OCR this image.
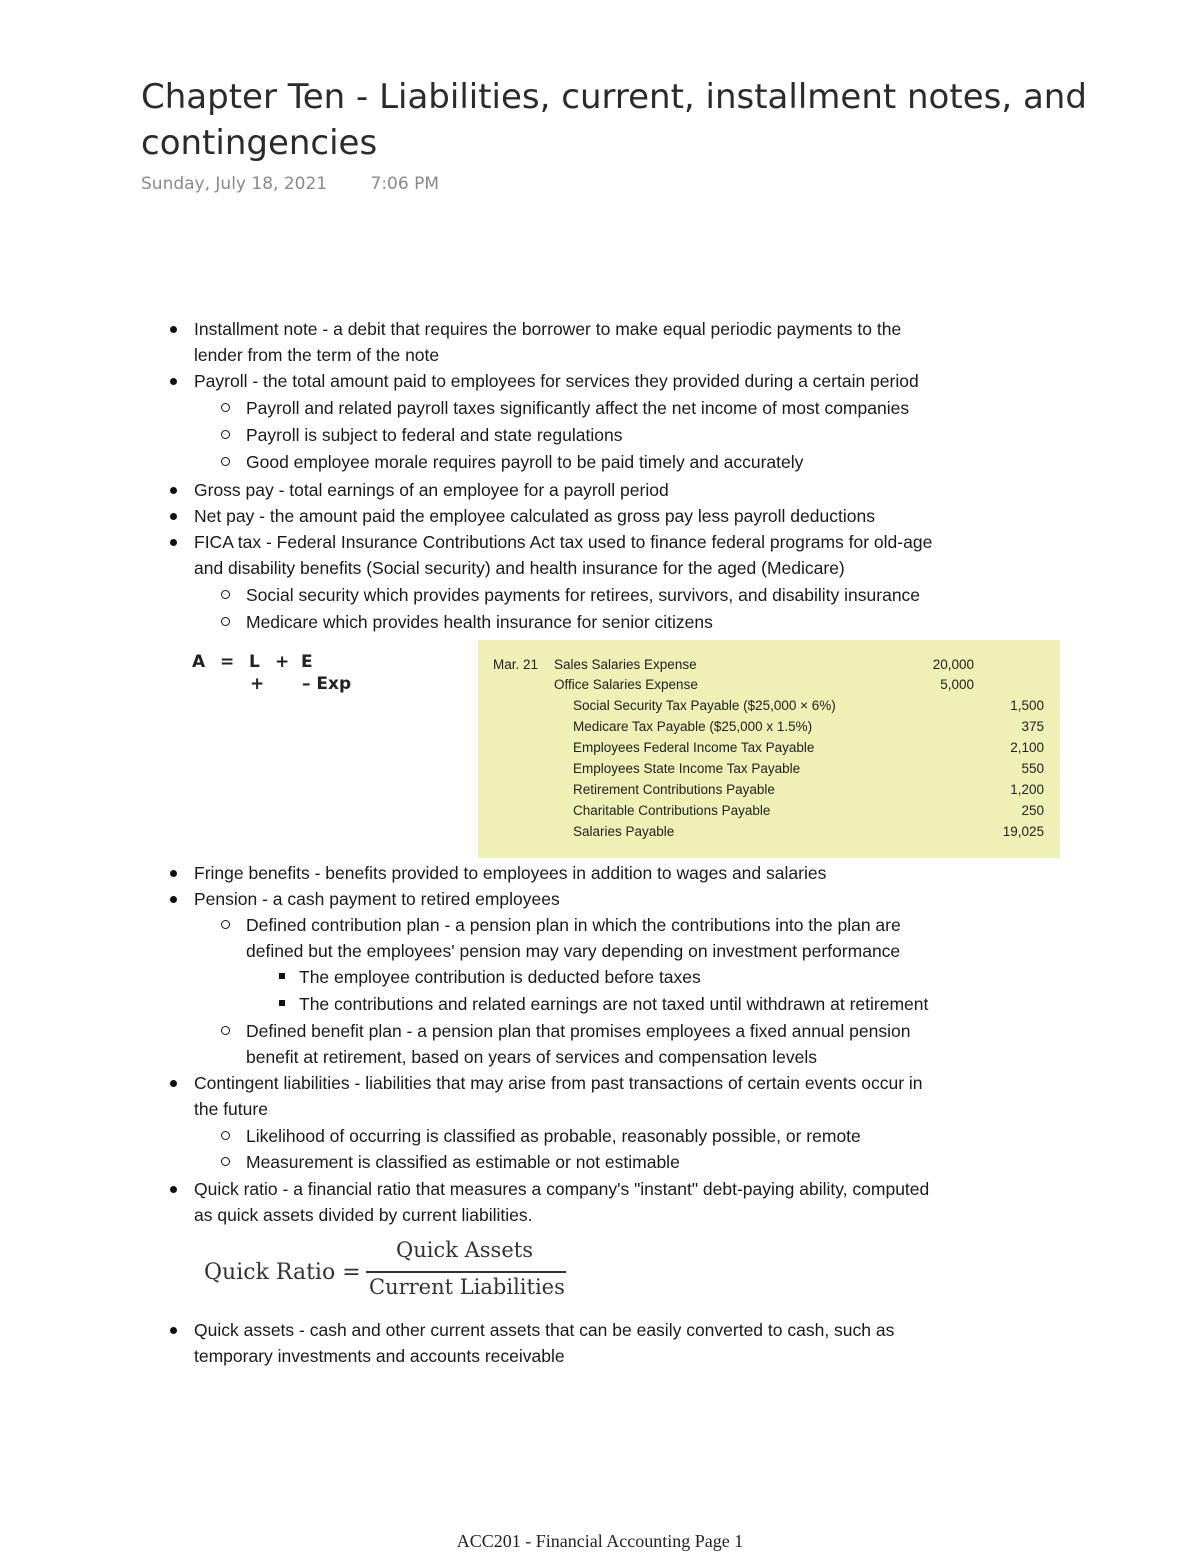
Chapter Ten - Liabilities, current, installment notes, and contingencies
Sunday, July 18, 2021	7:06 PM
Installment note - a debit that requires the borrower to make equal periodic payments to the
lender from the term of the note
Payroll - the total amount paid to employees for services they provided during a certain period
Payroll and related payroll taxes significantly affect the net income of most companies
Payroll is subject to federal and state regulations
Good employee morale requires payroll to be paid timely and accurately
Gross pay - total earnings of an employee for a payroll period
Net pay - the amount paid the employee calculated as gross pay less payroll deductions
FICA tax - Federal Insurance Contributions Act tax used to finance federal programs for old-age
and disability benefits (Social security) and health insurance for the aged (Medicare)
Social security which provides payments for retirees, survivors, and disability insurance
Medicare which provides health insurance for senior citizens
A = L + E
+ – Exp
Mar. 21 Sales Salaries Expense	20,000
Office Salaries Expense	5,000
Social Security Tax Payable ($25,000 × 6%)	1,500
Medicare Tax Payable ($25,000 x 1.5%)	375
Employees Federal Income Tax Payable	2,100
Employees State Income Tax Payable	550
Retirement Contributions Payable	1,200
Charitable Contributions Payable	250
Salaries Payable	19,025
Fringe benefits - benefits provided to employees in addition to wages and salaries
Pension - a cash payment to retired employees
Defined contribution plan - a pension plan in which the contributions into the plan are
defined but the employees' pension may vary depending on investment performance
The employee contribution is deducted before taxes
The contributions and related earnings are not taxed until withdrawn at retirement
Defined benefit plan - a pension plan that promises employees a fixed annual pension
benefit at retirement, based on years of services and compensation levels
Contingent liabilities - liabilities that may arise from past transactions of certain events occur in
the future
Likelihood of occurring is classified as probable, reasonably possible, or remote
Measurement is classified as estimable or not estimable
Quick ratio - a financial ratio that measures a company's "instant" debt-paying ability, computed
as quick assets divided by current liabilities.
Quick Ratio =
Quick Assets
Current Liabilities
Quick assets - cash and other current assets that can be easily converted to cash, such as
temporary investments and accounts receivable
ACC201 - Financial Accounting Page 1
